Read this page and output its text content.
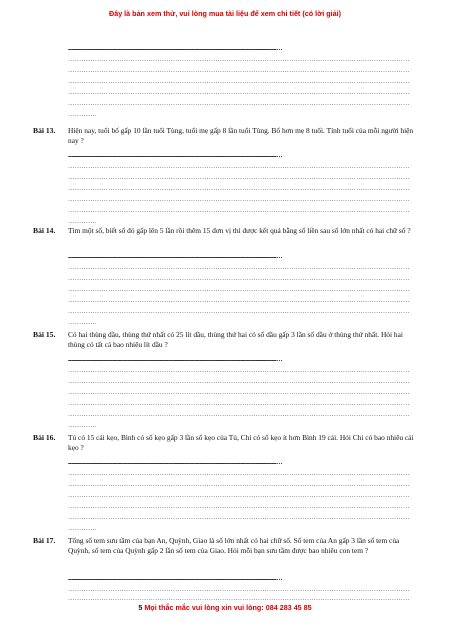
Đây là bản xem thử, vui lòng mua tài liệu để xem chi tiết (có lời giải)
...........................................................................................................................................................................................................…
………………………………………………………………………………………………………………………………………
………………………………………………………………………………………………………………………………………
………………………………………………………………………………………………………………………………………
………………………………………………………………………………………………………………………………………
………………………………………………………………………………………………………………………………………
………….
Bài 13. Hiện nay, tuổi bố gấp 10 lần tuổi Tùng, tuổi mẹ gấp 8 lần tuổi Tùng. Bố hơn mẹ 8 tuổi. Tính tuổi của mỗi người hiện nay ?
...........................................................................................................................................................................................................…
………………………………………………………………………………………………………………………………………
………………………………………………………………………………………………………………………………………
………………………………………………………………………………………………………………………………………
………………………………………………………………………………………………………………………………………
………………………………………………………………………………………………………………………………………
………….
Bài 14. Tìm một số, biết số đó gấp lên 5 lần rồi thêm 15 đơn vị thì được kết quả bằng số liền sau số lớn nhất có hai chữ số ?
...........................................................................................................................................................................................................…
………………………………………………………………………………………………………………………………………
………………………………………………………………………………………………………………………………………
………………………………………………………………………………………………………………………………………
………………………………………………………………………………………………………………………………………
………………………………………………………………………………………………………………………………………
………….
Bài 15. Có hai thùng dầu, thùng thứ nhất có 25 lít dầu, thùng thứ hai có số dầu gấp 3 lần số dầu ở thùng thứ nhất. Hỏi hai thùng có tất cả bao nhiêu lít dầu ?
...........................................................................................................................................................................................................…
………………………………………………………………………………………………………………………………………
………………………………………………………………………………………………………………………………………
………………………………………………………………………………………………………………………………………
………………………………………………………………………………………………………………………………………
………………………………………………………………………………………………………………………………………
………….
Bài 16. Tú có 15 cái kẹo, Bình có số kẹo gấp 3 lần số kẹo của Tú, Chi có số kẹo ít hơn Bình 19 cái. Hỏi Chi có bao nhiêu cái kẹo ?
...........................................................................................................................................................................................................…
………………………………………………………………………………………………………………………………………
………………………………………………………………………………………………………………………………………
………………………………………………………………………………………………………………………………………
………………………………………………………………………………………………………………………………………
………………………………………………………………………………………………………………………………………
………….
Bài 17. Tổng số tem sưu tầm của bạn An, Quỳnh, Giao là số lớn nhất có hai chữ số. Số tem của An gấp 3 lần số tem của Quỳnh, số tem của Quỳnh gấp 2 lần số tem của Giao. Hỏi mỗi bạn sưu tầm được bao nhiêu con tem ?
...........................................................................................................................................................................................................…
………………………………………………………………………………………………………………………………………
………………………………………………………………………………………………………………………………………
5 Mọi thắc mắc vui lòng xin vui lòng: 084 283 45 85
